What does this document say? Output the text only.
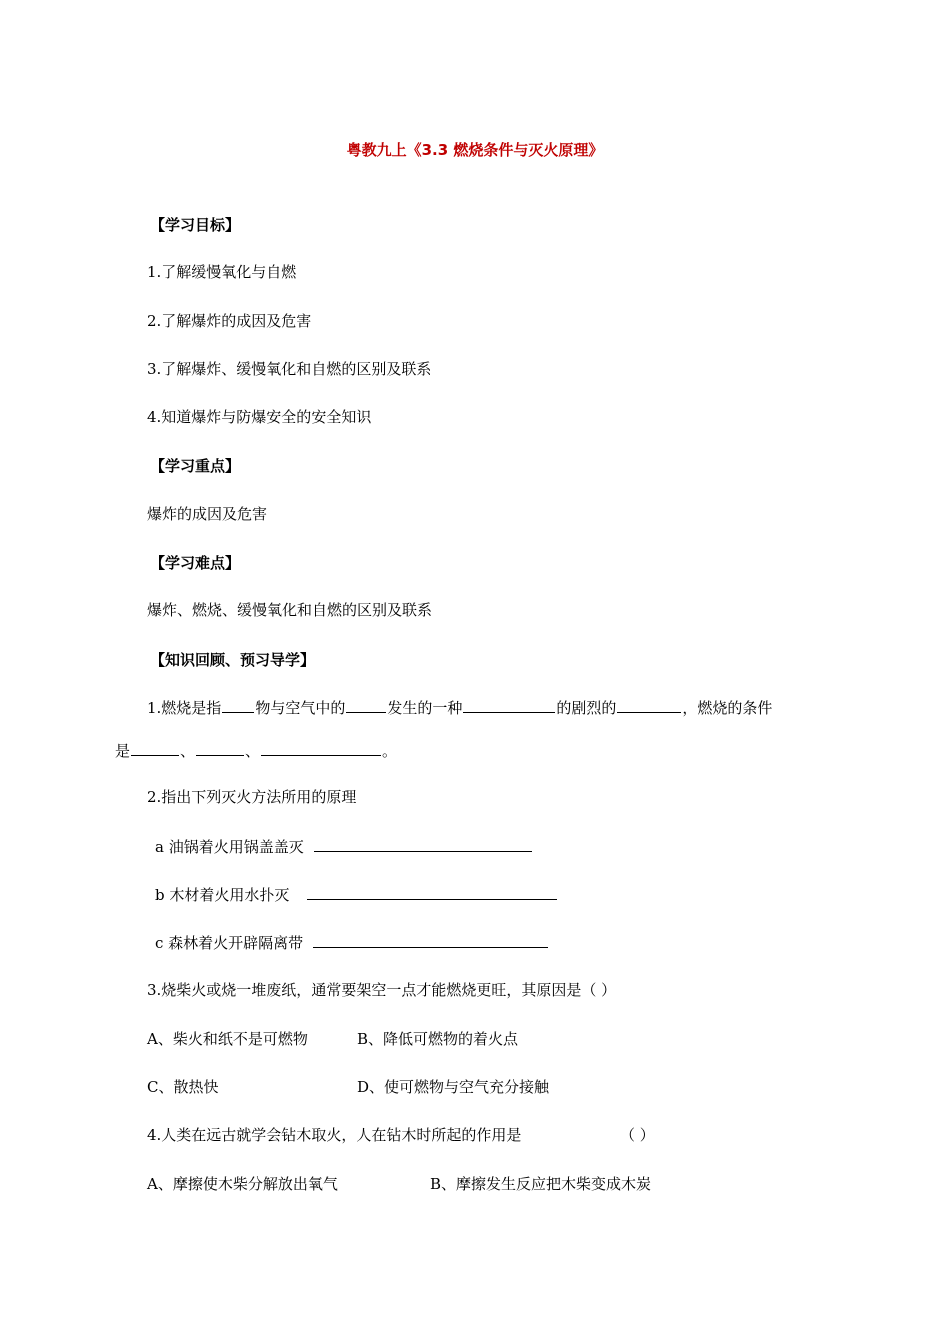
粤教九上《3.3 燃烧条件与灭火原理》
【学习目标】
1.了解缓慢氧化与自燃
2.了解爆炸的成因及危害
3.了解爆炸、缓慢氧化和自燃的区别及联系
4.知道爆炸与防爆安全的安全知识
【学习重点】
爆炸的成因及危害
【学习难点】
爆炸、燃烧、缓慢氧化和自燃的区别及联系
【知识回顾、预习导学】
1.燃烧是指 物与空气中的	发生的一种	的剧烈的	，燃烧的条件
是	、	、	。
2.指出下列灭火方法所用的原理
a 油锅着火用锅盖盖灭
b 木材着火用水扑灭
c 森林着火开辟隔离带
3.烧柴火或烧一堆废纸，通常要架空一点才能燃烧更旺，其原因是（ ）
A、柴火和纸不是可燃物	B、降低可燃物的着火点
C、散热快	D、使可燃物与空气充分接触
4.人类在远古就学会钻木取火，人在钻木时所起的作用是	（ ）
A、摩擦使木柴分解放出氧气	B、摩擦发生反应把木柴变成木炭
